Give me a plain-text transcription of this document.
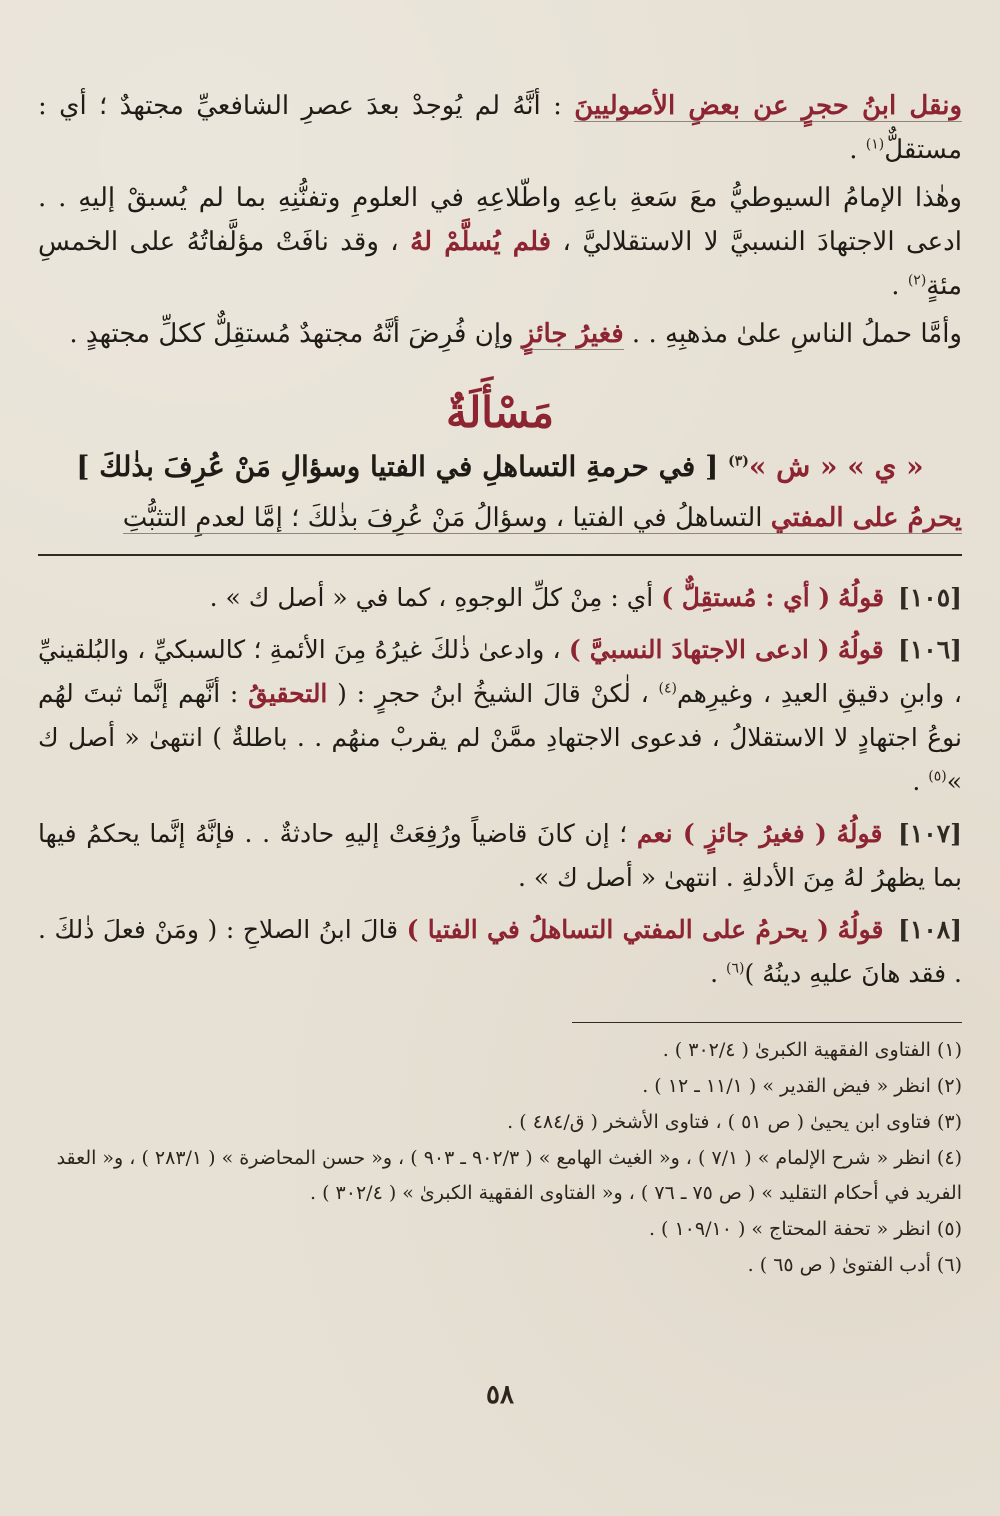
ونقل ابنُ حجرٍ عن بعضِ الأصوليينَ : أنَّهُ لم يُوجدْ بعدَ عصرِ الشافعيِّ مجتهدٌ ؛ أي : مستقلٌّ$^{(١)}$ .

وهٰذا الإمامُ السيوطيُّ معَ سَعةِ باعِهِ واطّلاعِهِ في العلومِ وتفنُّنِهِ بما لم يُسبقْ إليهِ . . ادعى الاجتهادَ النسبيَّ لا الاستقلاليَّ ، فلم يُسلَّمْ لهُ ، وقد نافَتْ مؤلَّفاتُهُ على الخمسِ مئةٍ$^{(٢)}$ .

وأمَّا حملُ الناسِ علىٰ مذهبِهِ . . فغيرُ جائزٍ وإن فُرِضَ أنَّهُ مجتهدٌ مُستقِلٌّ ككلِّ مجتهدٍ .

مَسْأَلَةٌ
« ي » « ش »$^{(٣)}$ [ في حرمةِ التساهلِ في الفتيا وسؤالِ مَنْ عُرِفَ بذٰلكَ ]

يحرمُ على المفتي التساهلُ في الفتيا ، وسؤالُ مَنْ عُرِفَ بذٰلكَ ؛ إمَّا لعدمِ التثبُّتِ

[١٠٥] قولُهُ ( أي : مُستقِلٌّ ) أي : مِنْ كلِّ الوجوهِ ، كما في « أصل ك » .
[١٠٦] قولُهُ ( ادعى الاجتهادَ النسبيَّ ) ، وادعىٰ ذٰلكَ غيرُهُ مِنَ الأئمةِ ؛ كالسبكيِّ ، والبُلقينيِّ ، وابنِ دقيقِ العيدِ ، وغيرِهم$^{(٤)}$ ، لٰكنْ قالَ الشيخُ ابنُ حجرٍ : ( التحقيقُ : أنَّهم إنَّما ثبتَ لهُم نوعُ اجتهادٍ لا الاستقلالُ ، فدعوى الاجتهادِ ممَّنْ لم يقربْ منهُم . . باطلةٌ ) انتهىٰ « أصل ك »$^{(٥)}$ .
[١٠٧] قولُهُ ( فغيرُ جائزٍ ) نعم ؛ إن كانَ قاضياً ورُفِعَتْ إليهِ حادثةٌ . . فإنَّهُ إنَّما يحكمُ فيها بما يظهرُ لهُ مِنَ الأدلةِ . انتهىٰ « أصل ك » .
[١٠٨] قولُهُ ( يحرمُ على المفتي التساهلُ في الفتيا ) قالَ ابنُ الصلاحِ : ( ومَنْ فعلَ ذٰلكَ . . فقد هانَ عليهِ دينُهُ )$^{(٦)}$ .
(١) الفتاوى الفقهية الكبرىٰ ( ٣٠٢/٤ ) .
(٢) انظر « فيض القدير » ( ١١/١ ـ ١٢ ) .
(٣) فتاوى ابن يحيىٰ ( ص ٥١ ) ، فتاوى الأشخر ( ق/٤٨٤ ) .
(٤) انظر « شرح الإلمام » ( ٧/١ ) ، و« الغيث الهامع » ( ٩٠٢/٣ ـ ٩٠٣ ) ، و« حسن المحاضرة » ( ٢٨٣/١ ) ، و« العقد الفريد في أحكام التقليد » ( ص ٧٥ ـ ٧٦ ) ، و« الفتاوى الفقهية الكبرىٰ » ( ٣٠٢/٤ ) .
(٥) انظر « تحفة المحتاج » ( ١٠٩/١٠ ) .
(٦) أدب الفتوىٰ ( ص ٦٥ ) .
٥٨
